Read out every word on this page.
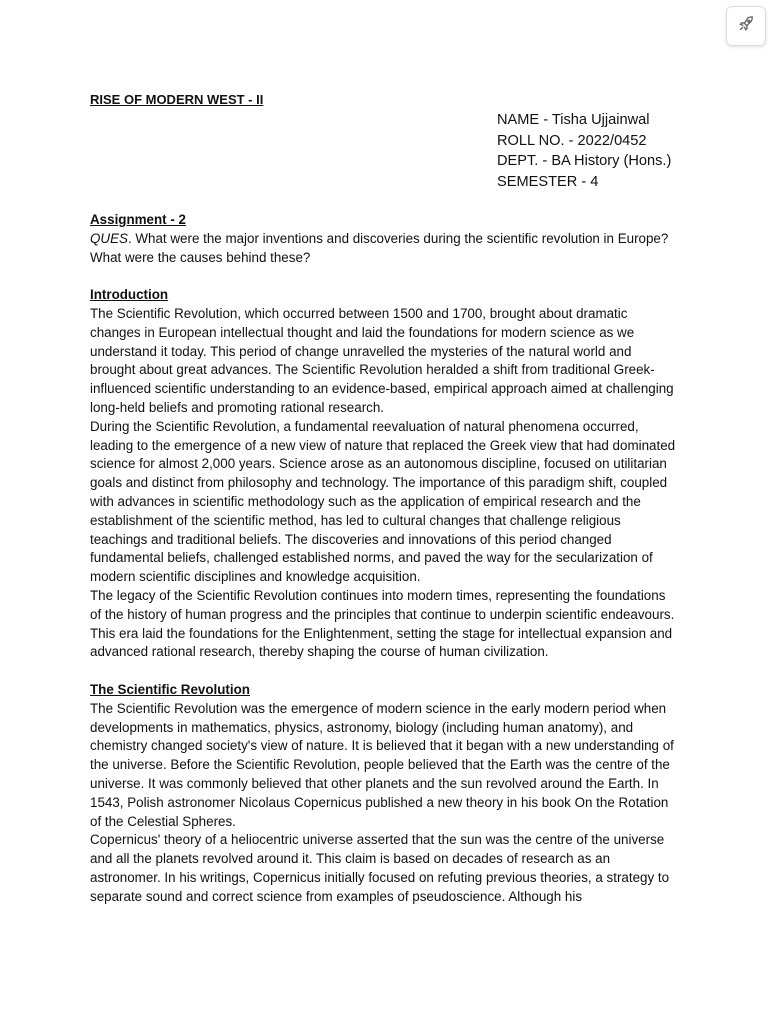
RISE OF MODERN WEST - II
NAME - Tisha Ujjainwal
ROLL NO. - 2022/0452
DEPT. - BA History (Hons.)
SEMESTER - 4

Assignment - 2

QUES. What were the major inventions and discoveries during the scientific revolution in Europe? What were the causes behind these?

Introduction

The Scientific Revolution, which occurred between 1500 and 1700, brought about dramatic changes in European intellectual thought and laid the foundations for modern science as we understand it today. This period of change unravelled the mysteries of the natural world and brought about great advances. The Scientific Revolution heralded a shift from traditional Greek-influenced scientific understanding to an evidence-based, empirical approach aimed at challenging long-held beliefs and promoting rational research.

During the Scientific Revolution, a fundamental reevaluation of natural phenomena occurred, leading to the emergence of a new view of nature that replaced the Greek view that had dominated science for almost 2,000 years. Science arose as an autonomous discipline, focused on utilitarian goals and distinct from philosophy and technology. The importance of this paradigm shift, coupled with advances in scientific methodology such as the application of empirical research and the establishment of the scientific method, has led to cultural changes that challenge religious teachings and traditional beliefs. The discoveries and innovations of this period changed fundamental beliefs, challenged established norms, and paved the way for the secularization of modern scientific disciplines and knowledge acquisition.

The legacy of the Scientific Revolution continues into modern times, representing the foundations of the history of human progress and the principles that continue to underpin scientific endeavours. This era laid the foundations for the Enlightenment, setting the stage for intellectual expansion and advanced rational research, thereby shaping the course of human civilization.

The Scientific Revolution

The Scientific Revolution was the emergence of modern science in the early modern period when developments in mathematics, physics, astronomy, biology (including human anatomy), and chemistry changed society's view of nature. It is believed that it began with a new understanding of the universe. Before the Scientific Revolution, people believed that the Earth was the centre of the universe. It was commonly believed that other planets and the sun revolved around the Earth. In 1543, Polish astronomer Nicolaus Copernicus published a new theory in his book On the Rotation of the Celestial Spheres.

Copernicus' theory of a heliocentric universe asserted that the sun was the centre of the universe and all the planets revolved around it. This claim is based on decades of research as an astronomer. In his writings, Copernicus initially focused on refuting previous theories, a strategy to separate sound and correct science from examples of pseudoscience. Although his
